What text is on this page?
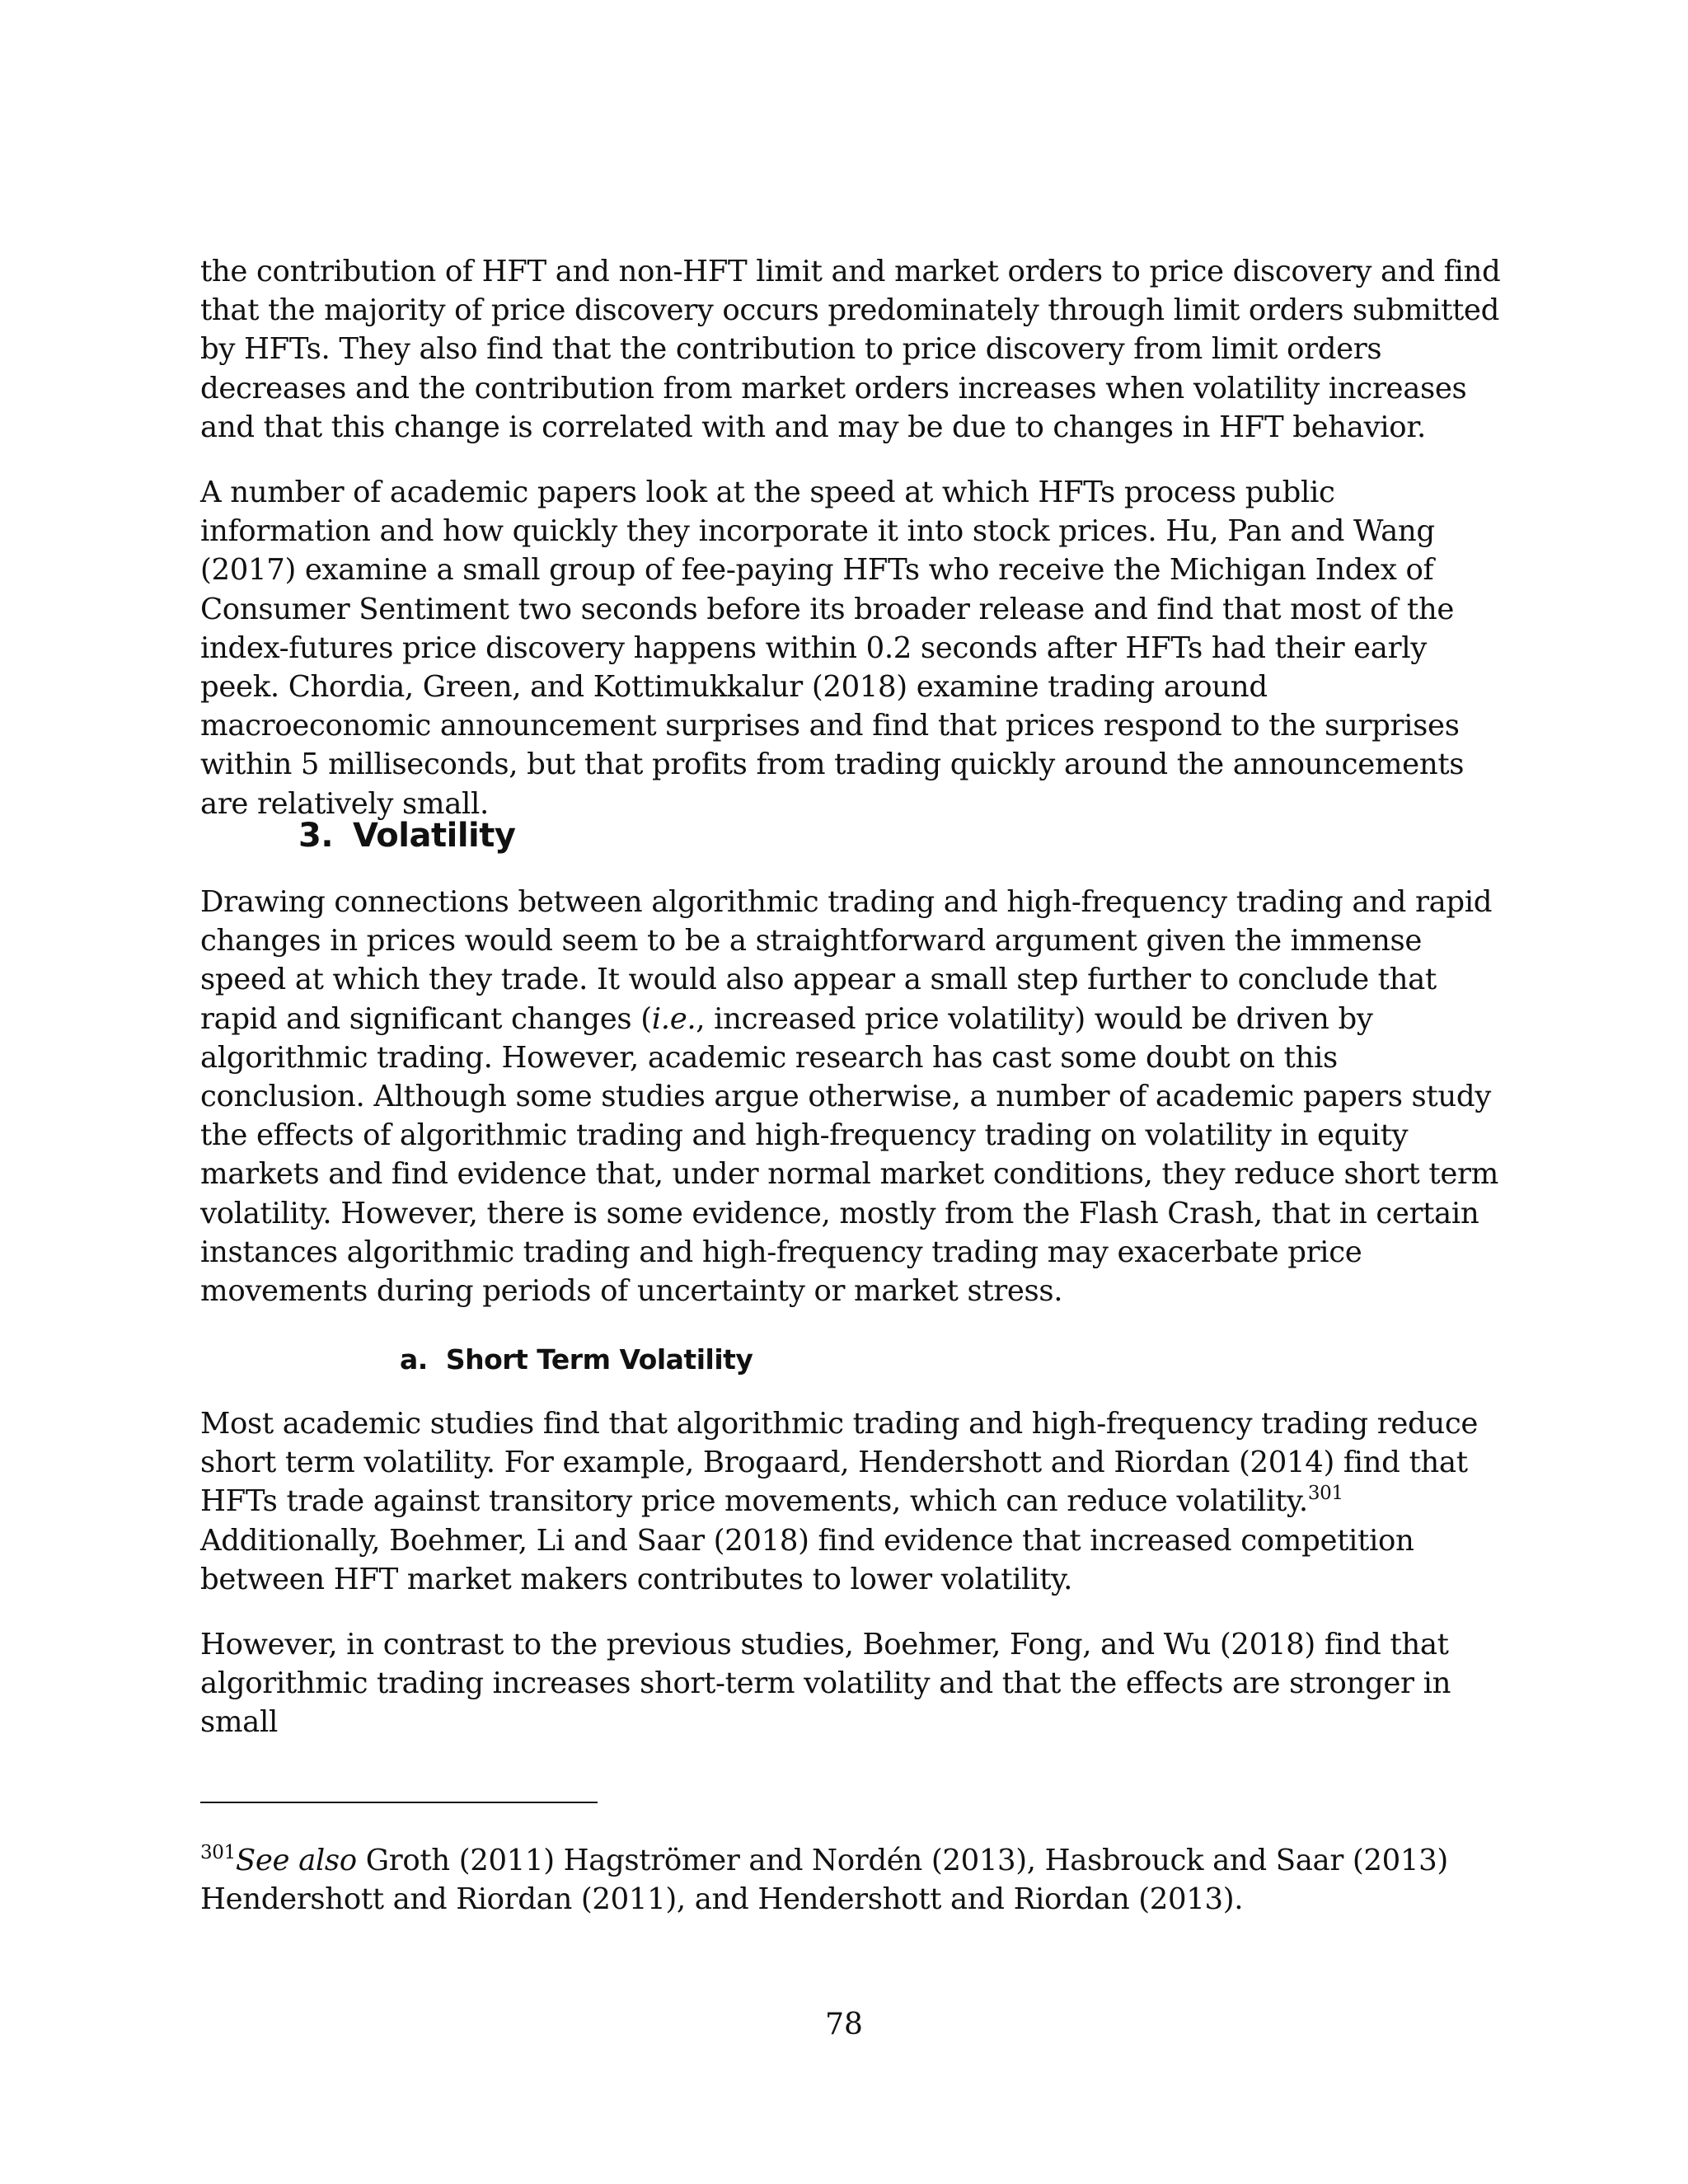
the contribution of HFT and non-HFT limit and market orders to price discovery and find that the majority of price discovery occurs predominately through limit orders submitted by HFTs. They also find that the contribution to price discovery from limit orders decreases and the contribution from market orders increases when volatility increases and that this change is correlated with and may be due to changes in HFT behavior.

A number of academic papers look at the speed at which HFTs process public information and how quickly they incorporate it into stock prices. Hu, Pan and Wang (2017) examine a small group of fee-paying HFTs who receive the Michigan Index of Consumer Sentiment two seconds before its broader release and find that most of the index-futures price discovery happens within 0.2 seconds after HFTs had their early peek. Chordia, Green, and Kottimukkalur (2018) examine trading around macroeconomic announcement surprises and find that prices respond to the surprises within 5 milliseconds, but that profits from trading quickly around the announcements are relatively small.

3. Volatility

Drawing connections between algorithmic trading and high-frequency trading and rapid changes in prices would seem to be a straightforward argument given the immense speed at which they trade. It would also appear a small step further to conclude that rapid and significant changes (i.e., increased price volatility) would be driven by algorithmic trading. However, academic research has cast some doubt on this conclusion. Although some studies argue otherwise, a number of academic papers study the effects of algorithmic trading and high-frequency trading on volatility in equity markets and find evidence that, under normal market conditions, they reduce short term volatility. However, there is some evidence, mostly from the Flash Crash, that in certain instances algorithmic trading and high-frequency trading may exacerbate price movements during periods of uncertainty or market stress.

a. Short Term Volatility

Most academic studies find that algorithmic trading and high-frequency trading reduce short term volatility. For example, Brogaard, Hendershott and Riordan (2014) find that HFTs trade against transitory price movements, which can reduce volatility.$^{301}$ Additionally, Boehmer, Li and Saar (2018) find evidence that increased competition between HFT market makers contributes to lower volatility.

However, in contrast to the previous studies, Boehmer, Fong, and Wu (2018) find that algorithmic trading increases short-term volatility and that the effects are stronger in small

$^{301}$See also Groth (2011) Hagströmer and Nordén (2013), Hasbrouck and Saar (2013) Hendershott and Riordan (2011), and Hendershott and Riordan (2013).

78
